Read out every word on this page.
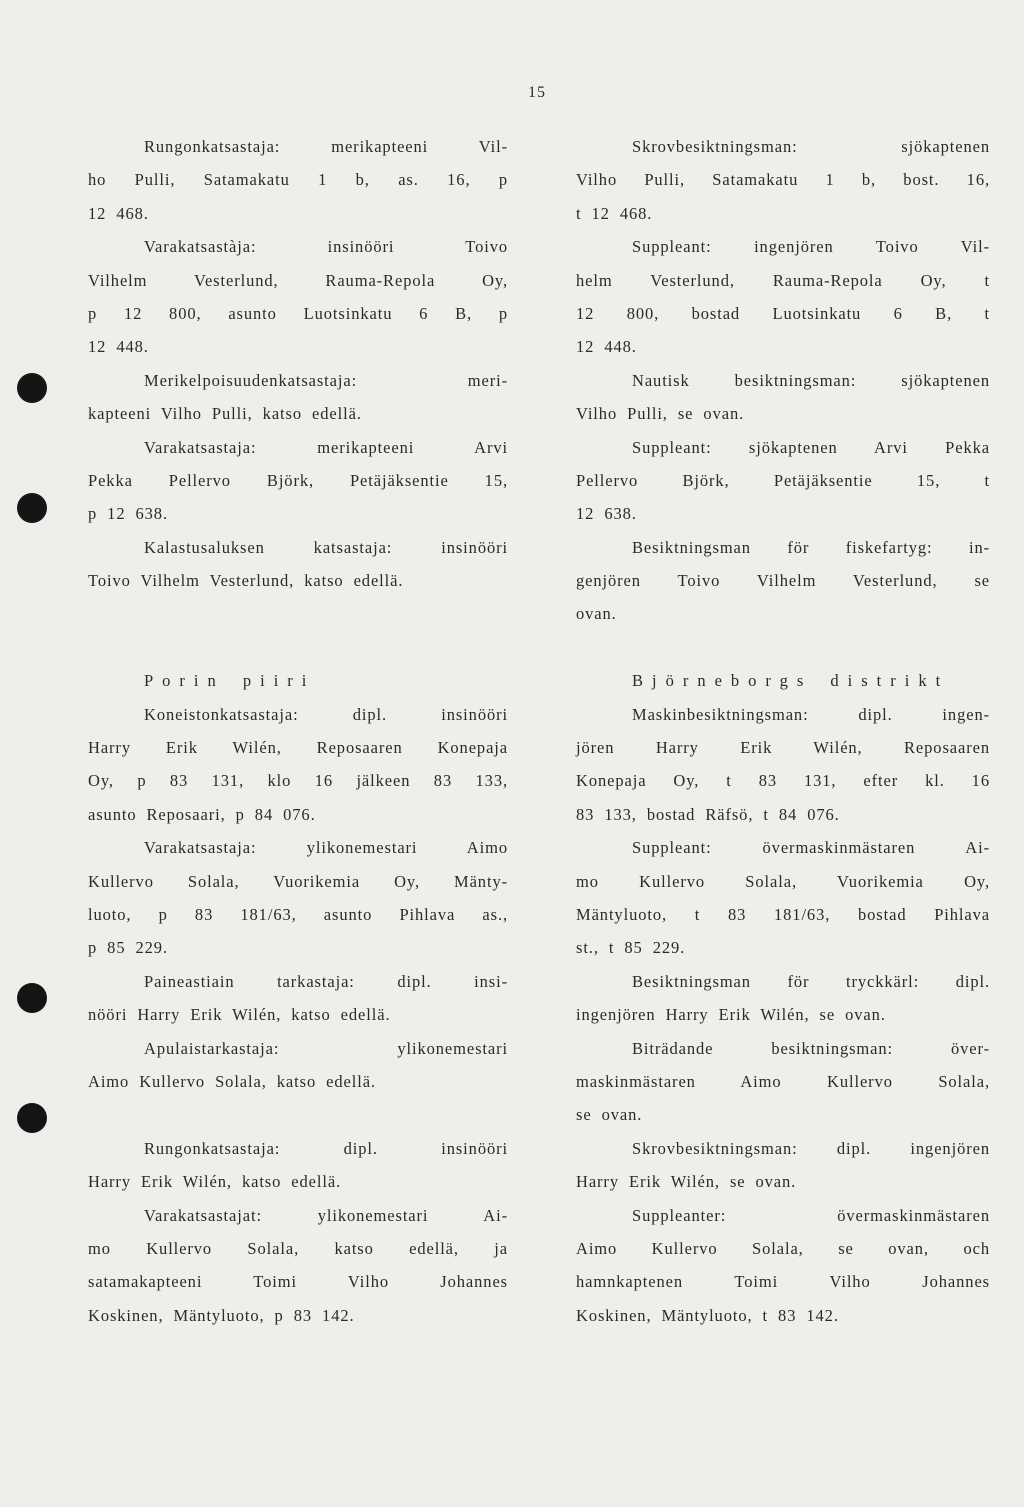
15
Rungonkatsastaja: merikapteeni Vil-
ho Pulli, Satamakatu 1 b, as. 16, p
12 468.
Varakatsastàja: insinööri Toivo
Vilhelm Vesterlund, Rauma-Repola Oy,
p 12 800, asunto Luotsinkatu 6 B, p
12 448.
Merikelpoisuudenkatsastaja: meri-
kapteeni Vilho Pulli, katso edellä.
Varakatsastaja: merikapteeni Arvi
Pekka Pellervo Björk, Petäjäksentie 15,
p 12 638.
Kalastusaluksen katsastaja: insinööri
Toivo Vilhelm Vesterlund, katso edellä.
Porin piiri
Koneistonkatsastaja: dipl. insinööri
Harry Erik Wilén, Reposaaren Konepaja
Oy, p 83 131, klo 16 jälkeen 83 133,
asunto Reposaari, p 84 076.
Varakatsastaja: ylikonemestari Aimo
Kullervo Solala, Vuorikemia Oy, Mänty-
luoto, p 83 181/63, asunto Pihlava as.,
p 85 229.
Paineastiain tarkastaja: dipl. insi-
nööri Harry Erik Wilén, katso edellä.
Apulaistarkastaja: ylikonemestari
Aimo Kullervo Solala, katso edellä.
Rungonkatsastaja: dipl. insinööri
Harry Erik Wilén, katso edellä.
Varakatsastajat: ylikonemestari Ai-
mo Kullervo Solala, katso edellä, ja
satamakapteeni Toimi Vilho Johannes
Koskinen, Mäntyluoto, p 83 142.
Skrovbesiktningsman: sjökaptenen
Vilho Pulli, Satamakatu 1 b, bost. 16,
t 12 468.
Suppleant: ingenjören Toivo Vil-
helm Vesterlund, Rauma-Repola Oy, t
12 800, bostad Luotsinkatu 6 B, t
12 448.
Nautisk besiktningsman: sjökaptenen
Vilho Pulli, se ovan.
Suppleant: sjökaptenen Arvi Pekka
Pellervo Björk, Petäjäksentie 15, t
12 638.
Besiktningsman för fiskefartyg: in-
genjören Toivo Vilhelm Vesterlund, se
ovan.
Björneborgs distrikt
Maskinbesiktningsman: dipl. ingen-
jören Harry Erik Wilén, Reposaaren
Konepaja Oy, t 83 131, efter kl. 16
83 133, bostad Räfsö, t 84 076.
Suppleant: övermaskinmästaren Ai-
mo Kullervo Solala, Vuorikemia Oy,
Mäntyluoto, t 83 181/63, bostad Pihlava
st., t 85 229.
Besiktningsman för tryckkärl: dipl.
ingenjören Harry Erik Wilén, se ovan.
Biträdande besiktningsman: över-
maskinmästaren Aimo Kullervo Solala,
se ovan.
Skrovbesiktningsman: dipl. ingenjören
Harry Erik Wilén, se ovan.
Suppleanter: övermaskinmästaren
Aimo Kullervo Solala, se ovan, och
hamnkaptenen Toimi Vilho Johannes
Koskinen, Mäntyluoto, t 83 142.
